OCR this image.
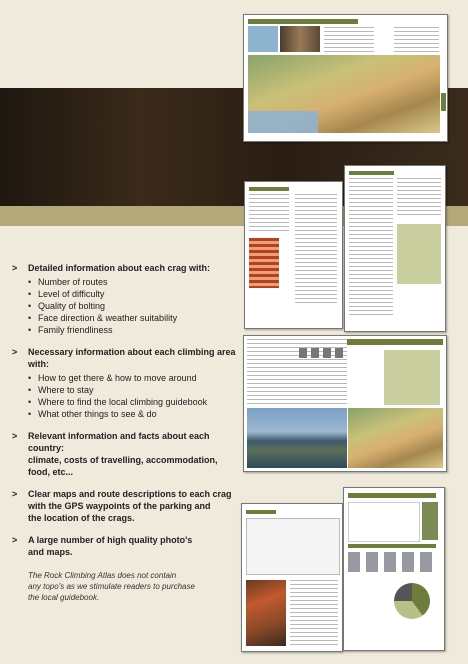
> Detailed information about each crag with:
• Number of routes
• Level of difficulty
• Quality of bolting
• Face direction & weather suitability
• Family friendliness
> Necessary information about each climbing area with:
• How to get there & how to move around
• Where to stay
• Where to find the local climbing guidebook
• What other things to see & do
> Relevant information and facts about each country:
climate, costs of travelling, accommodation,
food, etc...
> Clear maps and route descriptions to each crag
with the GPS waypoints of the parking and
the location of the crags.
> A large number of high quality photo's
and maps.
The Rock Climbing Atlas does not contain
any topo's as we stimulate readers to purchase
the local guidebook.
